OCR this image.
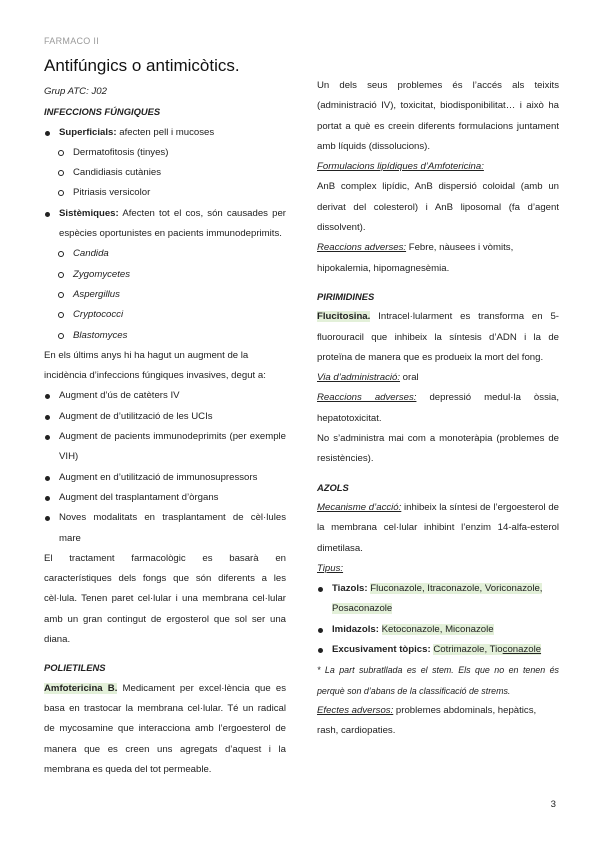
FARMACO II
Antifúngics o antimicòtics.
Grup ATC: J02
INFECCIONS FÚNGIQUES
Superficials: afecten pell i mucoses
Dermatofitosis (tinyes)
Candidiasis cutànies
Pitriasis versicolor
Sistèmiques: Afecten tot el cos, són causades per espècies oportunistes en pacients immunodeprimits.
Candida
Zygomycetes
Aspergillus
Cryptococci
Blastomyces
En els últims anys hi ha hagut un augment de la incidència d’infeccions fúngiques invasives, degut a:
Augment d’ús de catèters IV
Augment de d’utilització de les UCIs
Augment de pacients immunodeprimits (per exemple VIH)
Augment en d’utilització de immunosupressors
Augment del trasplantament d’òrgans
Noves modalitats en trasplantament de cèl·lules mare
El tractament farmacològic es basarà en característiques dels fongs que són diferents a les cèl·lula. Tenen paret cel·lular i una membrana cel·lular amb un gran contingut de ergosterol que sol ser una diana.
POLIETILENS
Amfotericina B. Medicament per excel·lència que es basa en trastocar la membrana cel·lular. Té un radical de mycosamine que interacciona amb l’ergoesterol de manera que es creen uns agregats d’aquest i la membrana es queda del tot permeable.
Un dels seus problemes és l’accés als teixits (administració IV), toxicitat, biodisponibilitat… i això ha portat a què es creein diferents formulacions juntament amb líquids (dissolucions).
Formulacions lipídiques d’Amfotericina:
AnB complex lipídic, AnB dispersió coloidal (amb un derivat del colesterol) i AnB liposomal (fa d’agent dissolvent).
Reaccions adverses: Febre, nàusees i vòmits, hipokalemia, hipomagnesèmia.
PIRIMIDINES
Flucitosina. Intracel·lularment es transforma en 5-fluorouracil que inhibeix la síntesis d’ADN i la de proteïna de manera que es produeix la mort del fong.
Via d’administració: oral
Reaccions adverses: depressió medul·la òssia, hepatotoxicitat.
No s’administra mai com a monoteràpia (problemes de resistències).
AZOLS
Mecanisme d’acció: inhibeix la síntesi de l’ergoesterol de la membrana cel·lular inhibint l’enzim 14-alfa-esterol dimetilasa.
Tipus:
Tiazols: Fluconazole, Itraconazole, Voriconazole, Posaconazole
Imidazols: Ketoconazole, Miconazole
Excusivament tòpics: Cotrimazole, Tioconazole
* La part subratllada es el stem. Els que no en tenen és perquè son d’abans de la classificació de strems.
Efectes adversos: problemes abdominals, hepàtics, rash, cardiopaties.
3
